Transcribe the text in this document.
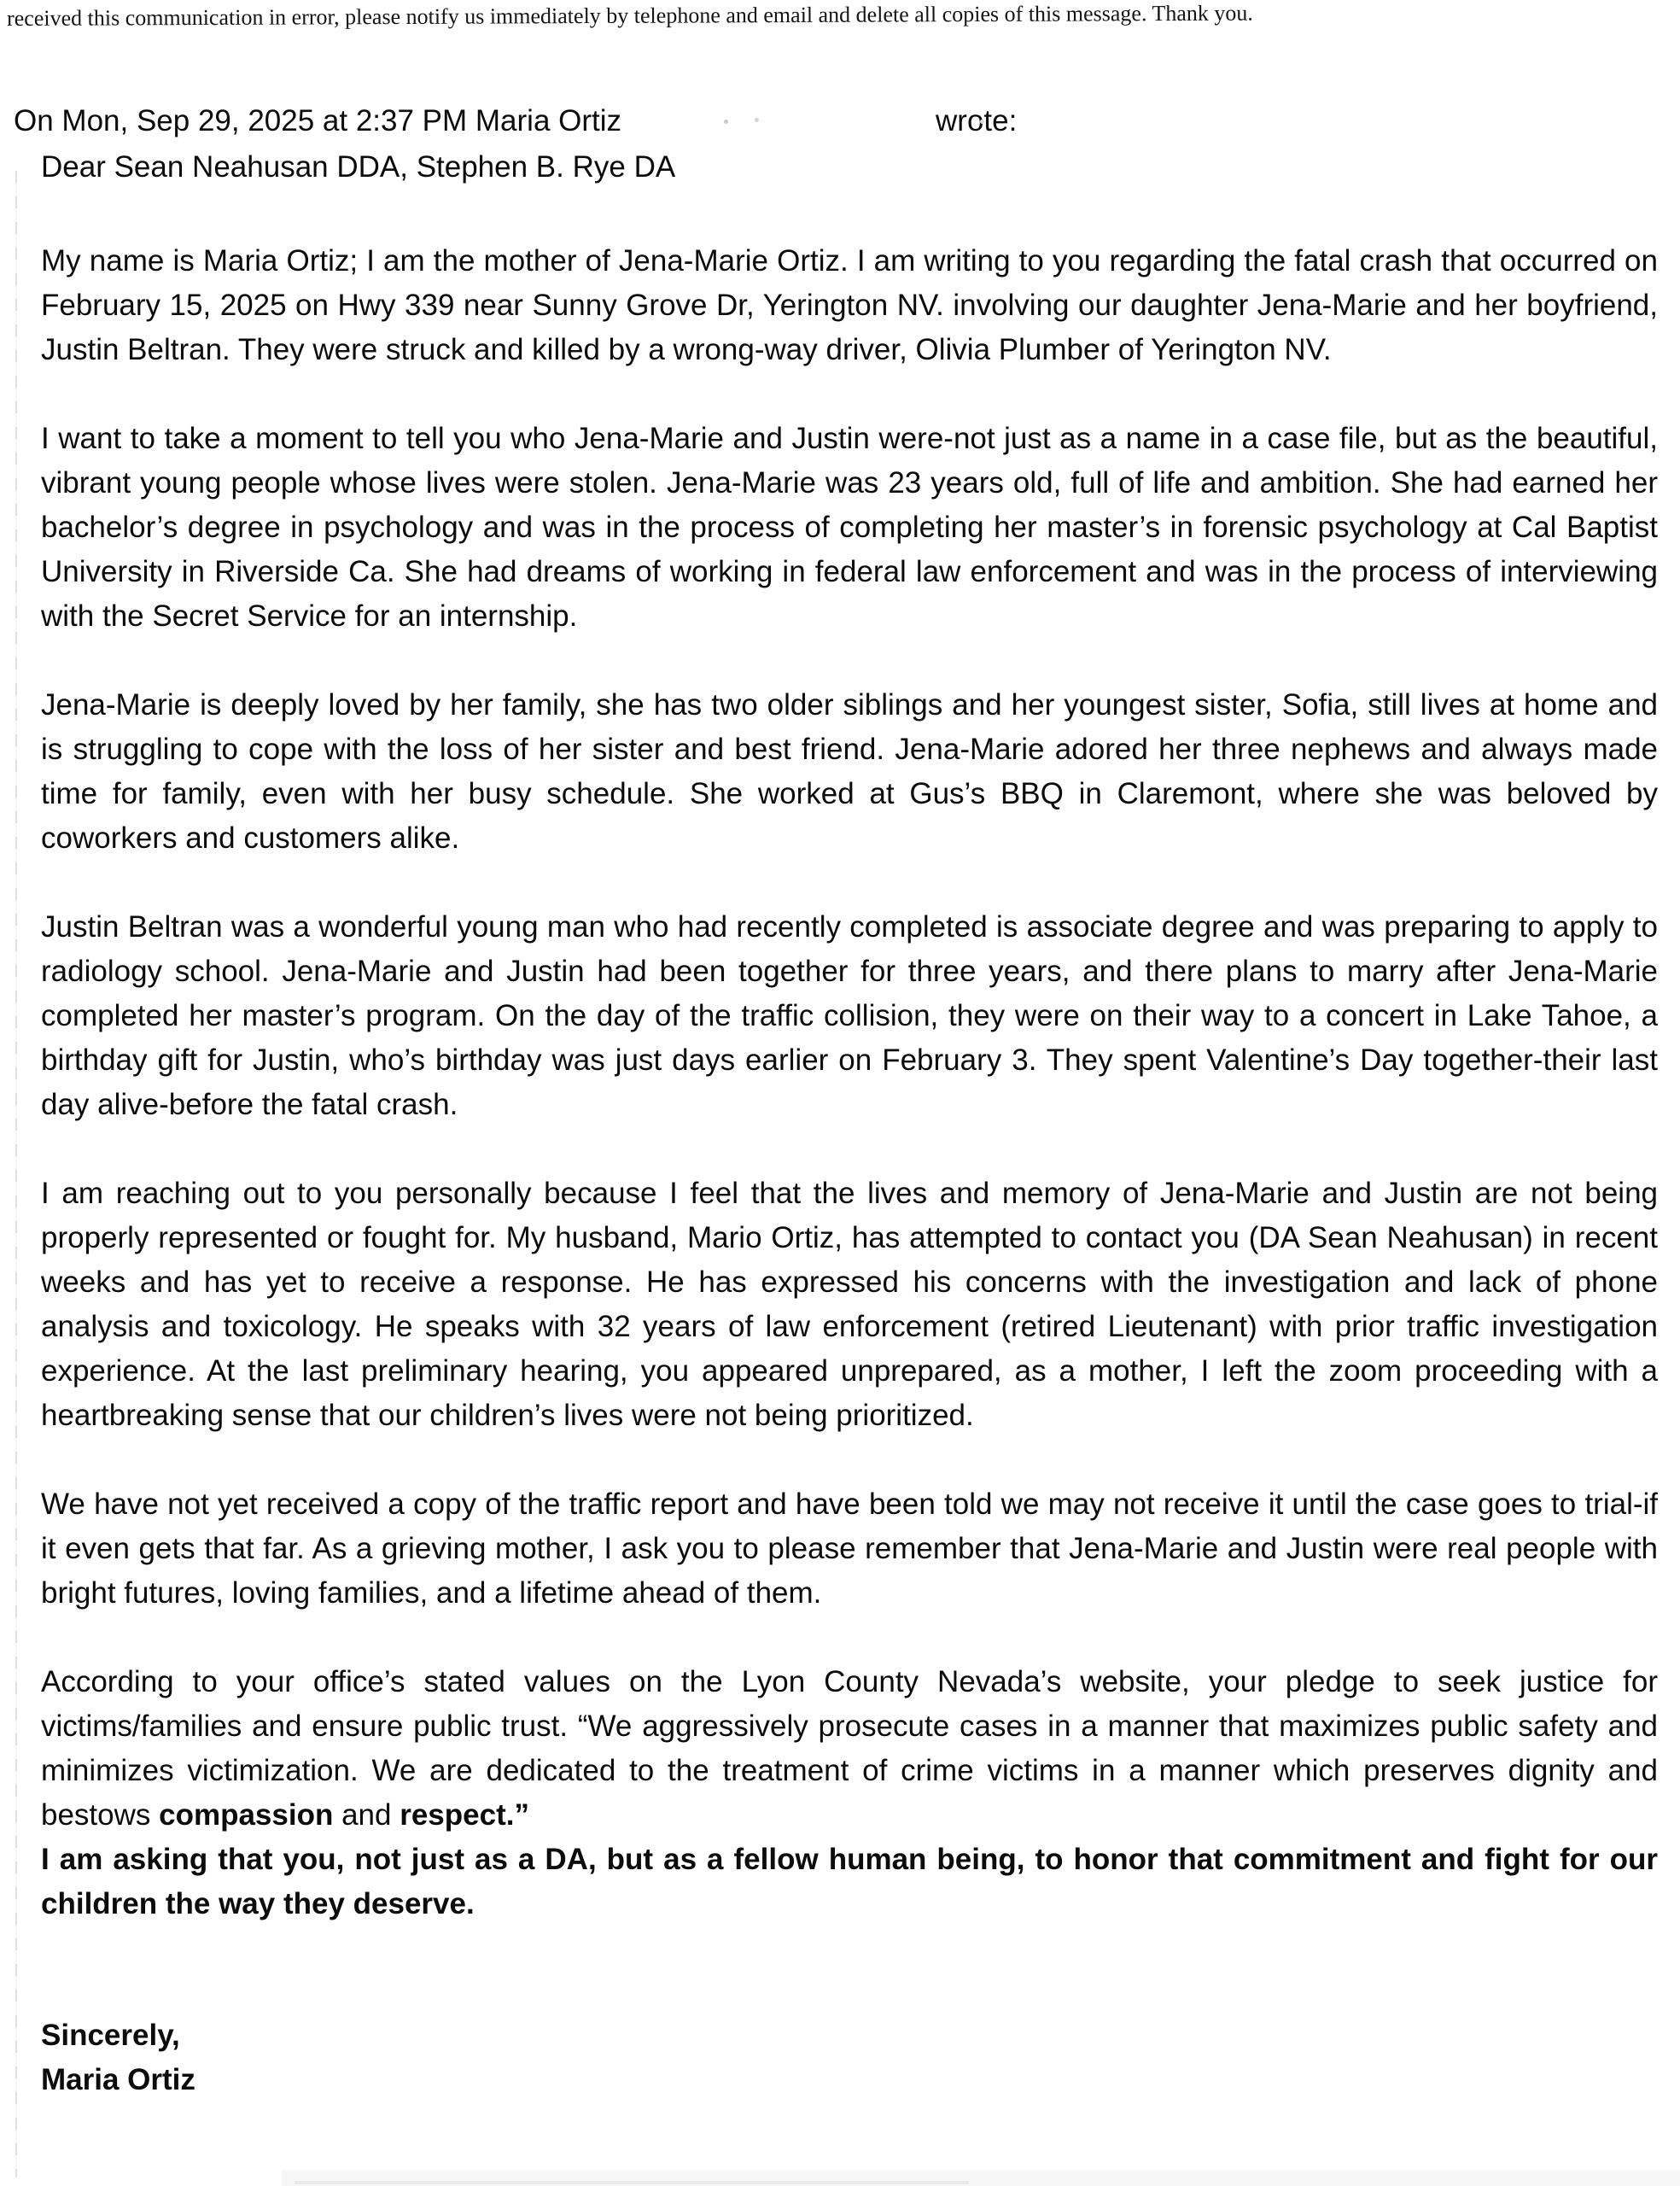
received this communication in error, please notify us immediately by telephone and email and delete all copies of this message. Thank you.
On Mon, Sep 29, 2025 at 2:37 PM Maria Ortiz	wrote:
Dear Sean Neahusan DDA, Stephen B. Rye DA

My name is Maria Ortiz; I am the mother of Jena-Marie Ortiz. I am writing to you regarding the fatal crash that occurred on February 15, 2025 on Hwy 339 near Sunny Grove Dr, Yerington NV. involving our daughter Jena-Marie and her boyfriend, Justin Beltran. They were struck and killed by a wrong-way driver, Olivia Plumber of Yerington NV.

I want to take a moment to tell you who Jena-Marie and Justin were-not just as a name in a case file, but as the beautiful, vibrant young people whose lives were stolen. Jena-Marie was 23 years old, full of life and ambition. She had earned her bachelor’s degree in psychology and was in the process of completing her master’s in forensic psychology at Cal Baptist University in Riverside Ca. She had dreams of working in federal law enforcement and was in the process of interviewing with the Secret Service for an internship.

Jena-Marie is deeply loved by her family, she has two older siblings and her youngest sister, Sofia, still lives at home and is struggling to cope with the loss of her sister and best friend. Jena-Marie adored her three nephews and always made time for family, even with her busy schedule. She worked at Gus’s BBQ in Claremont, where she was beloved by coworkers and customers alike.

Justin Beltran was a wonderful young man who had recently completed is associate degree and was preparing to apply to radiology school. Jena-Marie and Justin had been together for three years, and there plans to marry after Jena-Marie completed her master’s program. On the day of the traffic collision, they were on their way to a concert in Lake Tahoe, a birthday gift for Justin, who’s birthday was just days earlier on February 3. They spent Valentine’s Day together-their last day alive-before the fatal crash.

I am reaching out to you personally because I feel that the lives and memory of Jena-Marie and Justin are not being properly represented or fought for. My husband, Mario Ortiz, has attempted to contact you (DA Sean Neahusan) in recent weeks and has yet to receive a response. He has expressed his concerns with the investigation and lack of phone analysis and toxicology. He speaks with 32 years of law enforcement (retired Lieutenant) with prior traffic investigation experience. At the last preliminary hearing, you appeared unprepared, as a mother, I left the zoom proceeding with a heartbreaking sense that our children’s lives were not being prioritized.

We have not yet received a copy of the traffic report and have been told we may not receive it until the case goes to trial-if it even gets that far. As a grieving mother, I ask you to please remember that Jena-Marie and Justin were real people with bright futures, loving families, and a lifetime ahead of them.

According to your office’s stated values on the Lyon County Nevada’s website, your pledge to seek justice for victims/families and ensure public trust. “We aggressively prosecute cases in a manner that maximizes public safety and minimizes victimization. We are dedicated to the treatment of crime victims in a manner which preserves dignity and bestows compassion and respect.”

I am asking that you, not just as a DA, but as a fellow human being, to honor that commitment and fight for our children the way they deserve.

Sincerely,
Maria Ortiz
